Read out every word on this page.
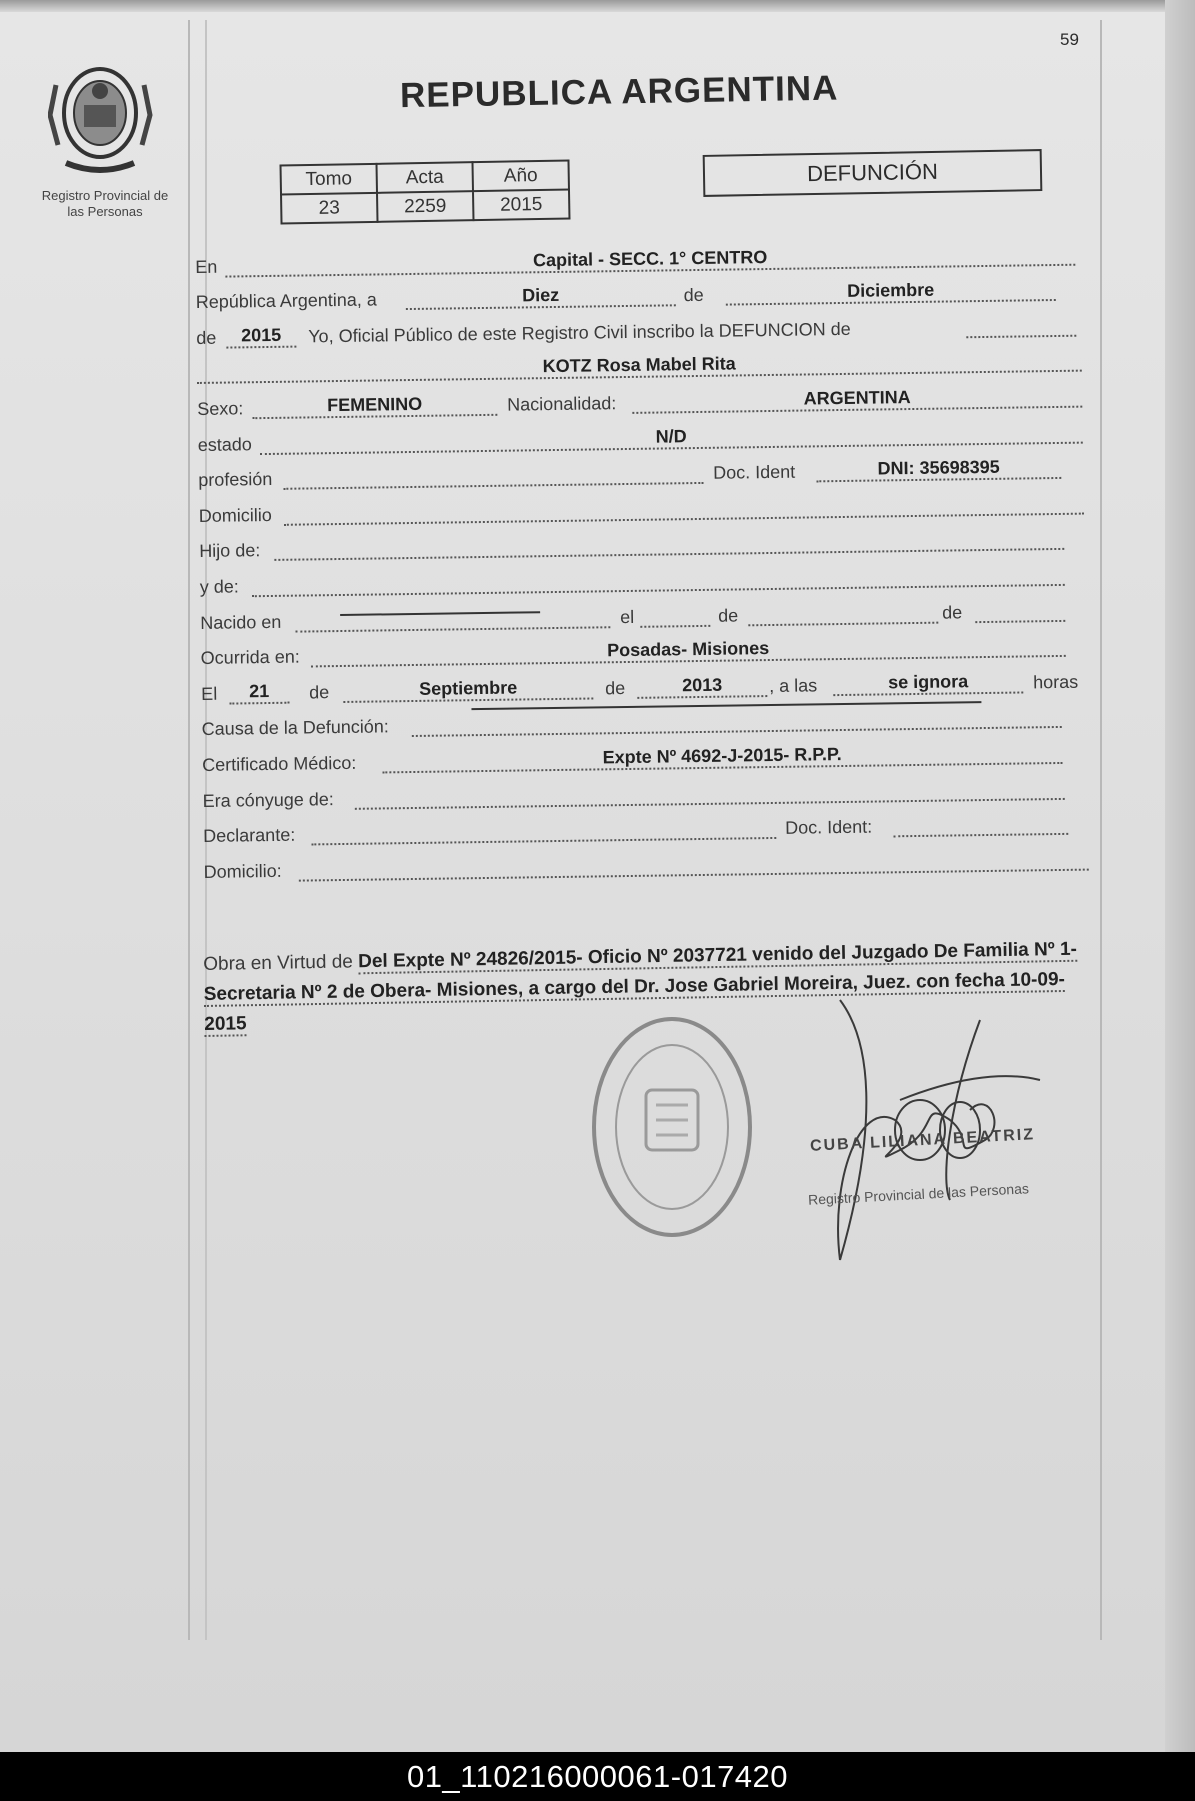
59
Registro Provincial de
las Personas
REPUBLICA ARGENTINA
Tomo	Acta	Año
23	2259	2015
DEFUNCIÓN
En	Capital - SECC. 1° CENTRO
República Argentina, a	Diez	de	Diciembre
de	2015	Yo, Oficial Público de este Registro Civil inscribo la DEFUNCION de
KOTZ Rosa Mabel Rita
Sexo:	FEMENINO	Nacionalidad:	ARGENTINA
estado	N/D
profesión	Doc. Ident	DNI: 35698395
Domicilio
Hijo de:
y de:
Nacido en	el	de	de
Ocurrida en:	Posadas- Misiones
El	21	de	Septiembre	de	2013	, a las	se ignora	horas
Causa de la Defunción:
Certificado Médico:	Expte Nº 4692-J-2015- R.P.P.
Era cónyuge de:
Declarante:	Doc. Ident:
Domicilio:
Obra en Virtud de Del Expte Nº 24826/2015- Oficio Nº 2037721 venido del Juzgado De Familia Nº 1- Secretaria Nº 2 de Obera- Misiones, a cargo del Dr. Jose Gabriel Moreira, Juez. con fecha 10-09-2015
CUBA LILIANA BEATRIZ
Registro Provincial de las Personas
01_110216000061-017420
